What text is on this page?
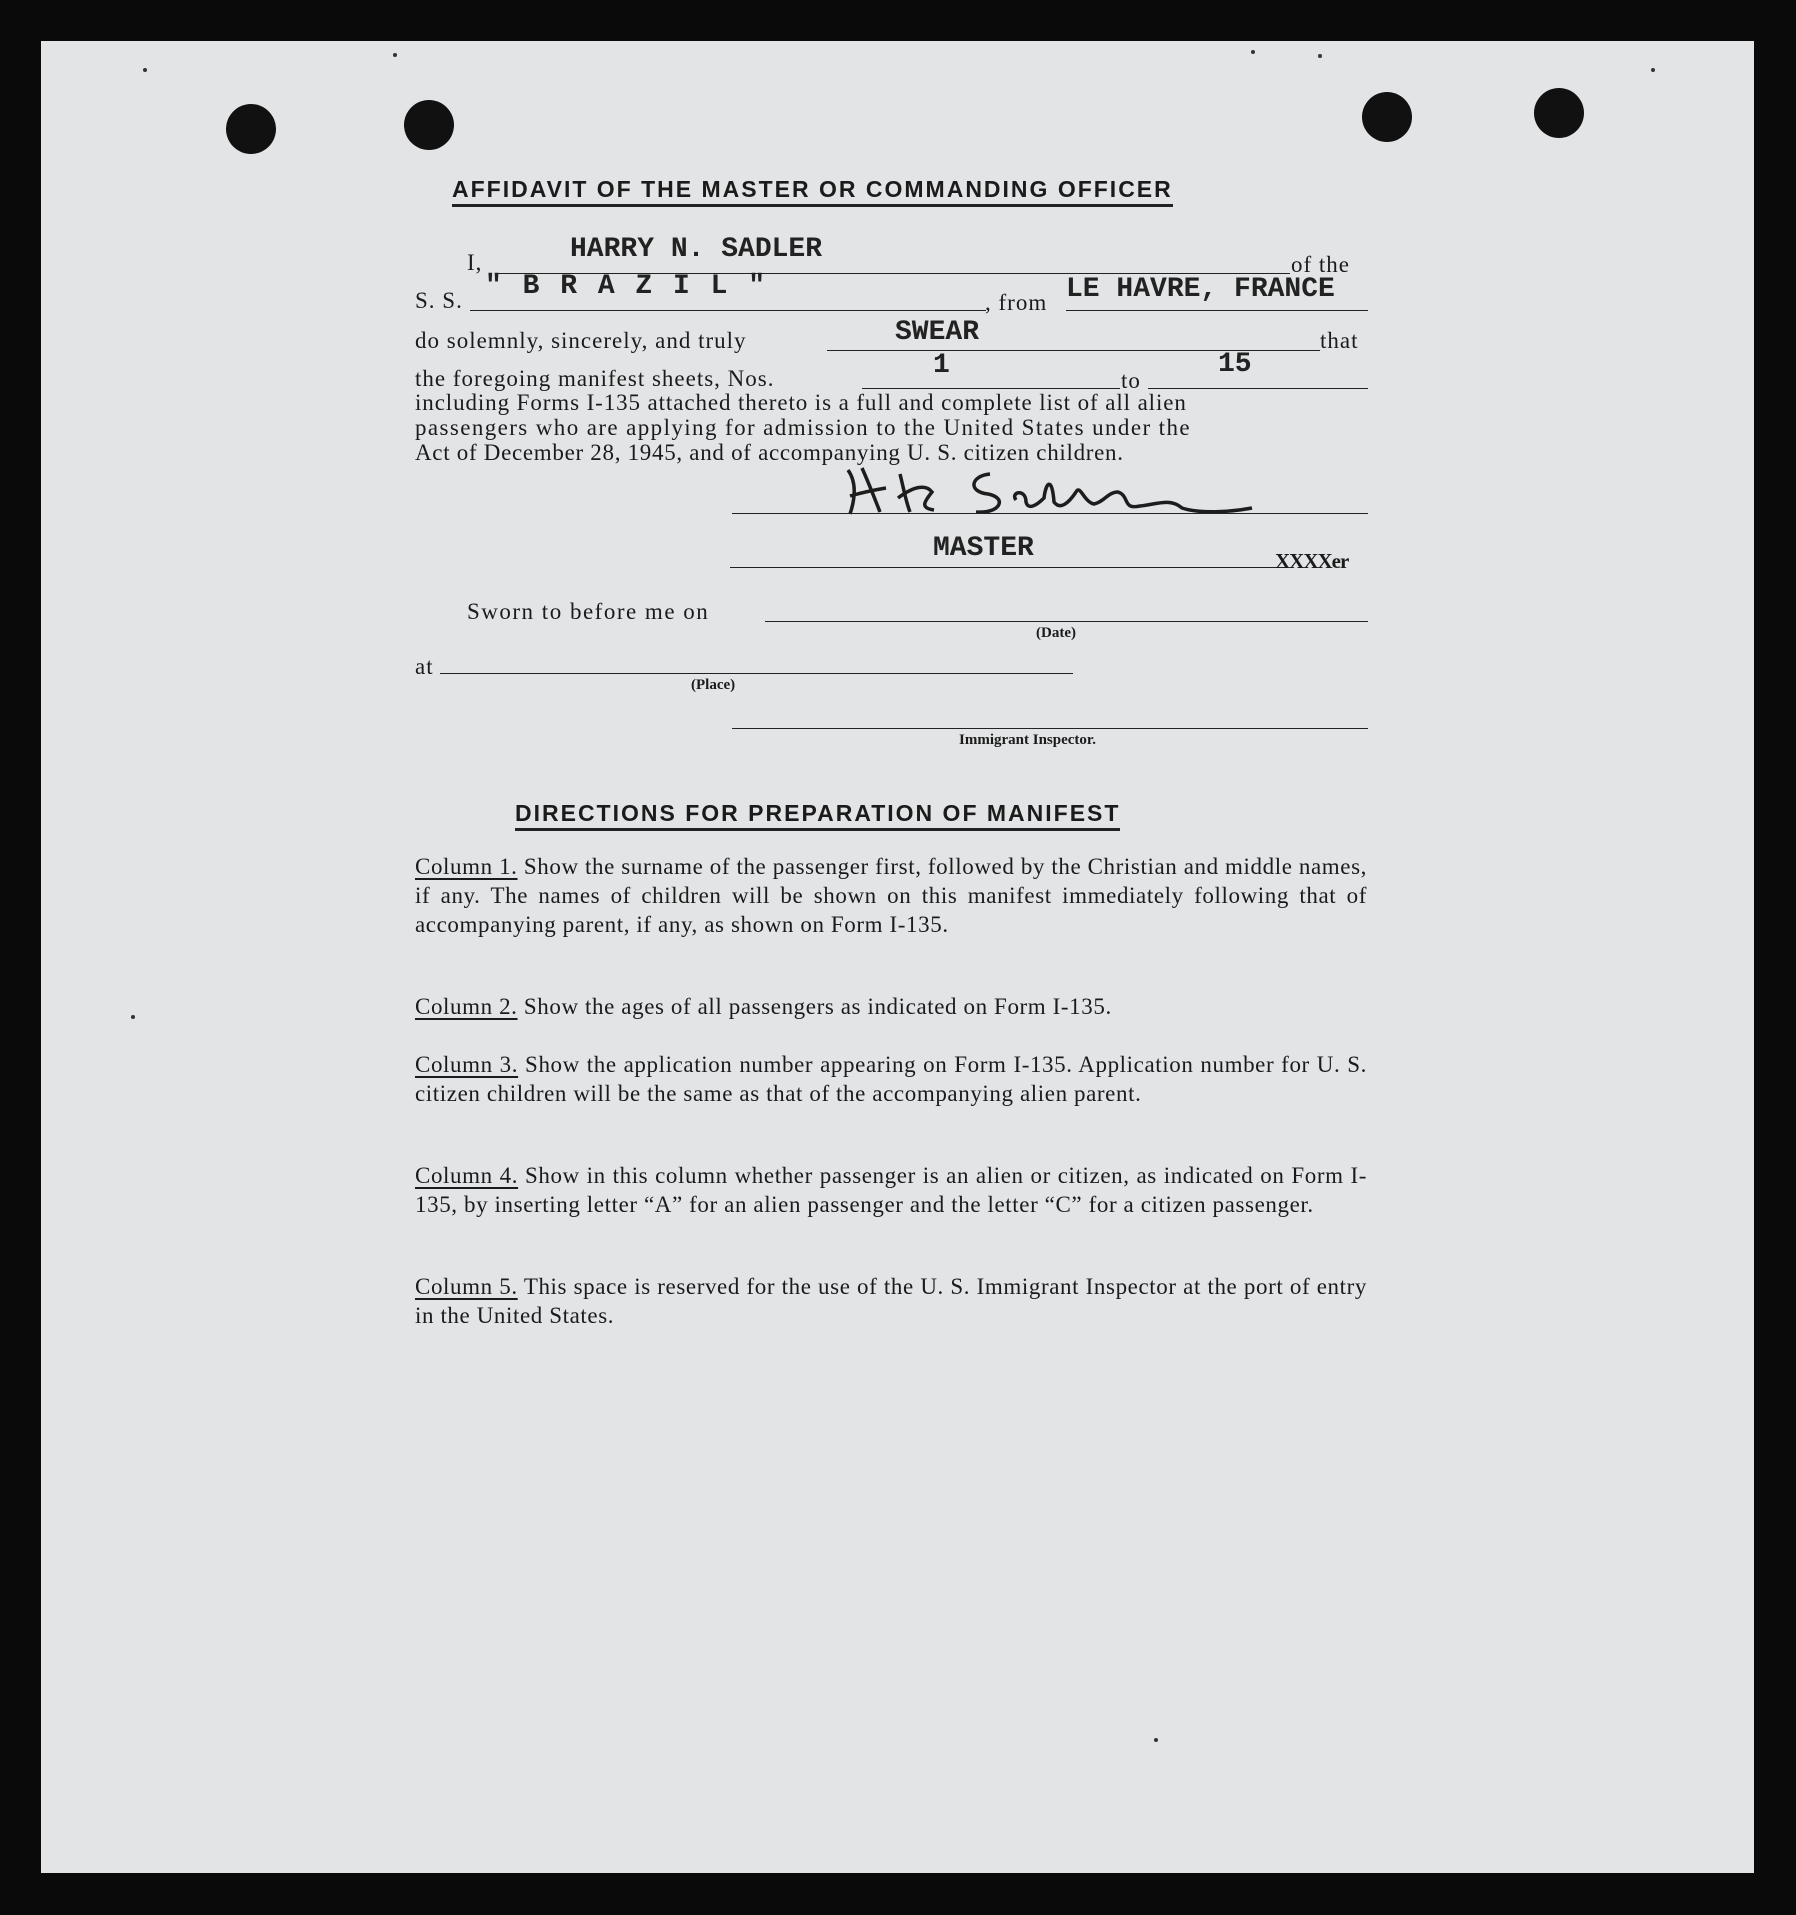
AFFIDAVIT OF THE MASTER OR COMMANDING OFFICER
I,	HARRY N. SADLER	of the
S. S. " B R A Z I L "
, from LE HAVRE, FRANCE
do solemnly, sincerely, and truly	SWEAR	that
the foregoing manifest sheets, Nos.	1	to
15
including Forms I-135 attached thereto is a full and complete list of all alien
passengers who are applying for admission to the United States under the
Act of December 28, 1945, and of accompanying U. S. citizen children.
MASTER	XXXXer
Sworn to before me on
(Date)
at
(Place)
Immigrant Inspector.
DIRECTIONS FOR PREPARATION OF MANIFEST
Column 1. Show the surname of the passenger first, followed by the Christian and middle names, if any. The names of children will be shown on this manifest immediately following that of accompanying parent, if any, as shown on Form I-135.
Column 2. Show the ages of all passengers as indicated on Form I-135.
Column 3. Show the application number appearing on Form I-135. Application number for U. S. citizen children will be the same as that of the accompanying alien parent.
Column 4. Show in this column whether passenger is an alien or citizen, as indicated on Form I-135, by inserting letter “A” for an alien passenger and the letter “C” for a citizen passenger.
Column 5. This space is reserved for the use of the U. S. Immigrant Inspector at the port of entry in the United States.
